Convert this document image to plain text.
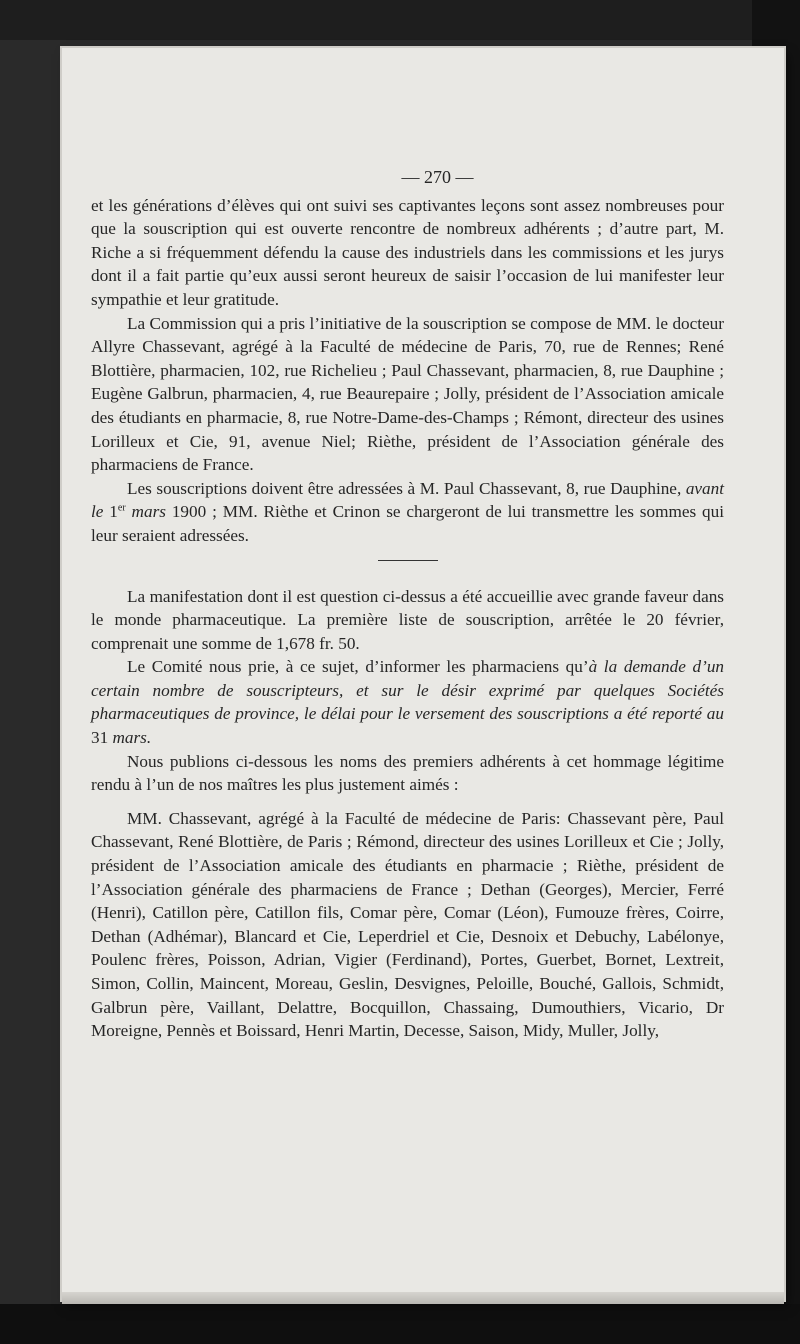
— 270 —

et les générations d’élèves qui ont suivi ses captivantes leçons sont assez nombreuses pour que la souscription qui est ouverte rencontre de nombreux adhérents ; d’autre part, M. Riche a si fréquemment défendu la cause des industriels dans les commissions et les jurys dont il a fait partie qu’eux aussi seront heureux de saisir l’occasion de lui manifester leur sympathie et leur gratitude.

La Commission qui a pris l’initiative de la souscription se compose de MM. le docteur Allyre Chassevant, agrégé à la Faculté de médecine de Paris, 70, rue de Rennes; René Blottière, pharmacien, 102, rue Richelieu ; Paul Chassevant, pharmacien, 8, rue Dauphine ; Eugène Galbrun, pharmacien, 4, rue Beaurepaire ; Jolly, président de l’Association amicale des étudiants en pharmacie, 8, rue Notre-Dame-des-Champs ; Rémont, directeur des usines Lorilleux et Cie, 91, avenue Niel; Rièthe, président de l’Association générale des pharmaciens de France.

Les souscriptions doivent être adressées à M. Paul Chassevant, 8, rue Dauphine, avant le 1er mars 1900 ; MM. Rièthe et Crinon se chargeront de lui transmettre les sommes qui leur seraient adressées.

La manifestation dont il est question ci-dessus a été accueillie avec grande faveur dans le monde pharmaceutique. La première liste de souscription, arrêtée le 20 février, comprenait une somme de 1,678 fr. 50.

Le Comité nous prie, à ce sujet, d’informer les pharmaciens qu’à la demande d’un certain nombre de souscripteurs, et sur le désir exprimé par quelques Sociétés pharmaceutiques de province, le délai pour le versement des souscriptions a été reporté au 31 mars.

Nous publions ci-dessous les noms des premiers adhérents à cet hommage légitime rendu à l’un de nos maîtres les plus justement aimés :

MM. Chassevant, agrégé à la Faculté de médecine de Paris: Chassevant père, Paul Chassevant, René Blottière, de Paris ; Rémond, directeur des usines Lorilleux et Cie ; Jolly, président de l’Association amicale des étudiants en pharmacie ; Rièthe, président de l’Association générale des pharmaciens de France ; Dethan (Georges), Mercier, Ferré (Henri), Catillon père, Catillon fils, Comar père, Comar (Léon), Fumouze frères, Coirre, Dethan (Adhémar), Blancard et Cie, Leperdriel et Cie, Desnoix et Debuchy, Labélonye, Poulenc frères, Poisson, Adrian, Vigier (Ferdinand), Portes, Guerbet, Bornet, Lextreit, Simon, Collin, Maincent, Moreau, Geslin, Desvignes, Peloille, Bouché, Gallois, Schmidt, Galbrun père, Vaillant, Delattre, Bocquillon, Chassaing, Dumouthiers, Vicario, Dr Moreigne, Pennès et Boissard, Henri Martin, Decesse, Saison, Midy, Muller, Jolly,
